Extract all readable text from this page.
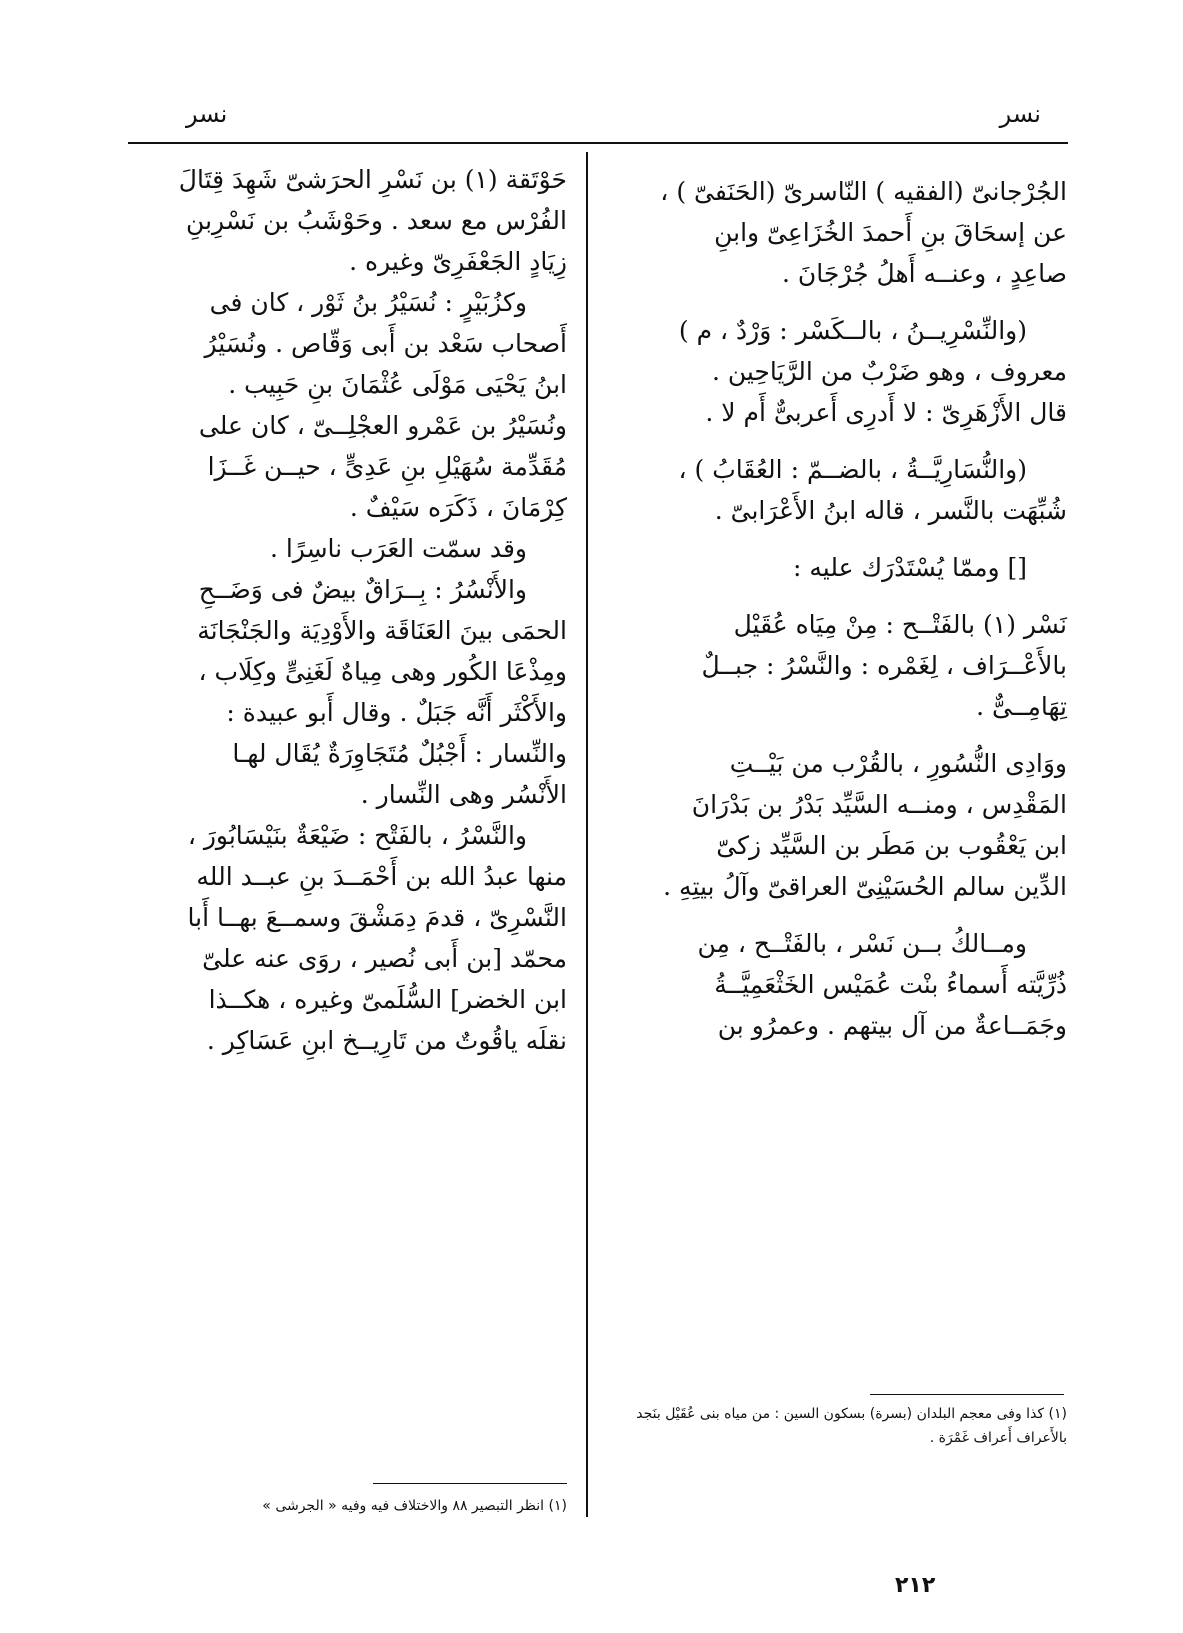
نسر
نسر

الجُرْجانىّ (الفقيه ) النّاسرىّ (الحَنَفىّ ) ،

عن إسحَاقَ بنِ أَحمدَ الخُزَاعِىّ وابنِ

صاعِدٍ ، وعنــه أَهلُ جُرْجَانَ .

(والنِّسْرِيــنُ ، بالــكَسْر : وَرْدٌ ، م )

معروف ، وهو ضَرْبٌ من الرَّيَاحِين .

قال الأَزْهَرِىّ : لا أَدرِى أَعربىٌّ أَم لا .

(والنُّسَارِيَّــةُ ، بالضــمّ : العُقَابُ ) ،

شُبِّهَت بالنَّسر ، قاله ابنُ الأَعْرَابىّ .

[] وممّا يُسْتَدْرَك عليه :

نَسْر (١) بالفَتْــح : مِنْ مِيَاه عُقَيْل

بالأَعْــرَاف ، لِغَمْره : والنَّسْرُ : جبــلٌ

تِهَامِــىٌّ .

ووَادِى النُّسُورِ ، بالقُرْب من بَيْــتِ

المَقْدِس ، ومنــه السَّيِّد بَدْرُ بن بَدْرَانَ

ابن يَعْقُوب بن مَطَر بن السَّيِّد زكىّ

الدِّين سالم الحُسَيْنِىّ العراقىّ وآلُ بيتِهِ .

ومــالكُ بــن نَسْر ، بالفَتْــح ، مِن

ذُرِّيَّته أَسماءُ بنْت عُمَيْس الخَثْعَمِيَّــةُ

وجَمَــاعةٌ من آل بيتهم . وعمرُو بن

حَوْتَقة (١) بن نَسْرِ الحرَشىّ شَهِدَ قِتَالَ

الفُرْس مع سعد . وحَوْشَبُ بن نَسْرِبنِ

زِيَادٍ الجَعْفَرِىّ وغيره .

وكزُبَيْرٍ : نُسَيْرُ بنُ ثَوْر ، كان فى

أَصحاب سَعْد بن أَبى وَقّاص . ونُسَيْرُ

ابنُ يَحْيَى مَوْلَى عُثْمَانَ بنِ حَبِيب .

ونُسَيْرُ بن عَمْرو العجْلِــىّ ، كان على

مُقَدِّمة سُهَيْلِ بنِ عَدِىٍّ ، حيــن غَــزَا

كِرْمَانَ ، ذَكَرَه سَيْفٌ .

وقد سمّت العَرَب ناسِرًا .

والأَنْسُرُ : بِــرَاقٌ بيضٌ فى وَضَــحِ

الحمَى بينَ العَنَاقَة والأَوْدِيَة والجَنْجَانَة

ومِذْعَا الكُور وهى مِياهٌ لَغَنِىٍّ وكِلَاب ،

والأَكْثَر أَنَّه جَبَلٌ . وقال أَبو عبيدة :

والنِّسار : أَجْبُلٌ مُتَجَاوِرَةٌ يُقَال لهـا

الأَنْسُر وهى النِّسار .

والنَّسْرُ ، بالفَتْح : ضَيْعَةٌ بنَيْسَابُورَ ،

منها عبدُ الله بن أَحْمَــدَ بنِ عبــد الله

النَّسْرِىّ ، قدمَ دِمَشْقَ وسمــعَ بهــا أَبا

محمّد [بن أَبى نُصير ، روَى عنه علىّ

ابن الخضر] السُّلَمىّ وغيره ، هكــذا

نقلَه ياقُوتٌ من تَارِيــخ ابنِ عَسَاكِر .

(١) كذا وفى معجم البلدان (بسرة) بسكون السين : من مياه بنى عُقَيْل بنَجد بالأَعراف أَعراف غَمْرَة .
(١) انظر التبصير ٨٨ والاختلاف فيه وفيه « الجرشى »
٢١٢
